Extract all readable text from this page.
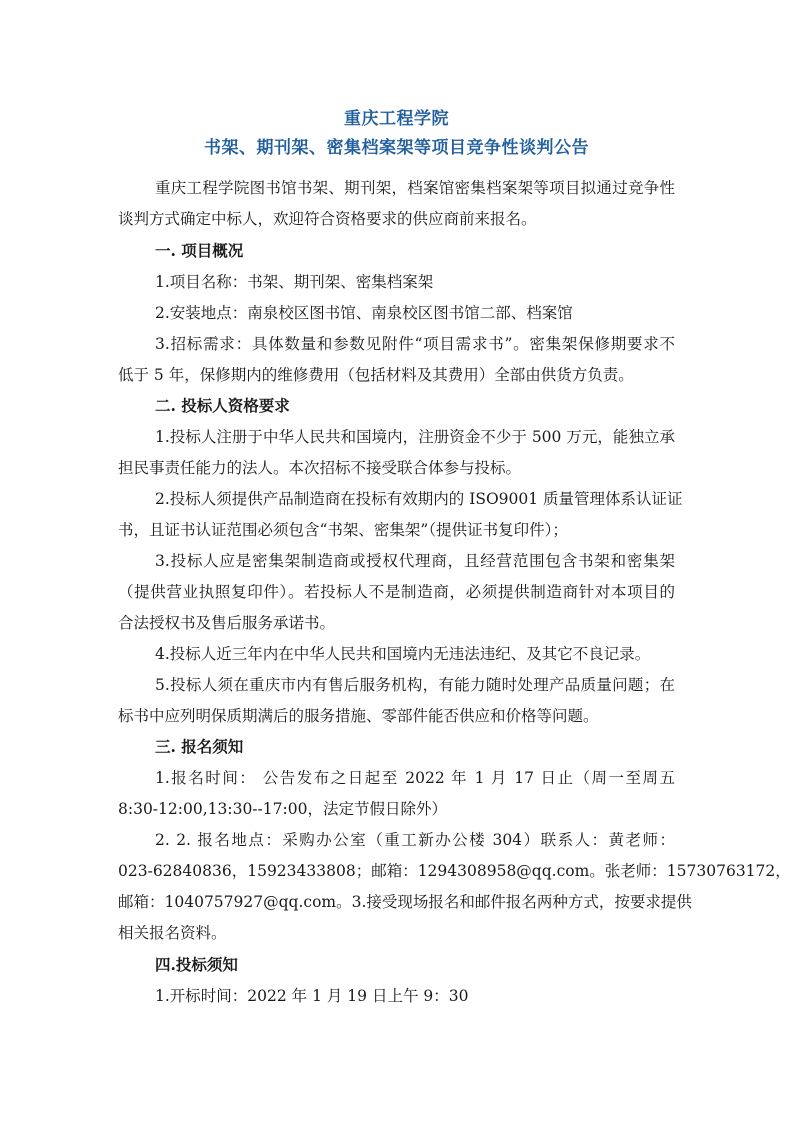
重庆工程学院
书架、期刊架、密集档案架等项目竞争性谈判公告
重庆工程学院图书馆书架、期刊架，档案馆密集档案架等项目拟通过竞争性
谈判方式确定中标人，欢迎符合资格要求的供应商前来报名。
一. 项目概况
1.项目名称：书架、期刊架、密集档案架
2.安装地点：南泉校区图书馆、南泉校区图书馆二部、档案馆
3.招标需求：具体数量和参数见附件“项目需求书”。密集架保修期要求不
低于 5 年，保修期内的维修费用（包括材料及其费用）全部由供货方负责。
二. 投标人资格要求
1.投标人注册于中华人民共和国境内，注册资金不少于 500 万元，能独立承
担民事责任能力的法人。本次招标不接受联合体参与投标。
2.投标人须提供产品制造商在投标有效期内的 ISO9001 质量管理体系认证证
书，且证书认证范围必须包含“书架、密集架”（提供证书复印件）；
3.投标人应是密集架制造商或授权代理商，且经营范围包含书架和密集架
（提供营业执照复印件）。若投标人不是制造商，必须提供制造商针对本项目的
合法授权书及售后服务承诺书。
4.投标人近三年内在中华人民共和国境内无违法违纪、及其它不良记录。
5.投标人须在重庆市内有售后服务机构，有能力随时处理产品质量问题；在
标书中应列明保质期满后的服务措施、零部件能否供应和价格等问题。
三. 报名须知
1.报名时间： 公告发布之日起至 2022 年 1 月 17 日止（周一至周五
8:30-12:00,13:30--17:00，法定节假日除外）
2. 2. 报名地点：采购办公室（重工新办公楼 304）联系人：黄老师：
023-62840836，15923433808；邮箱：1294308958@qq.com。张老师：15730763172，
邮箱：1040757927@qq.com。3.接受现场报名和邮件报名两种方式，按要求提供
相关报名资料。
四.投标须知
1.开标时间：2022 年 1 月 19 日上午 9：30
